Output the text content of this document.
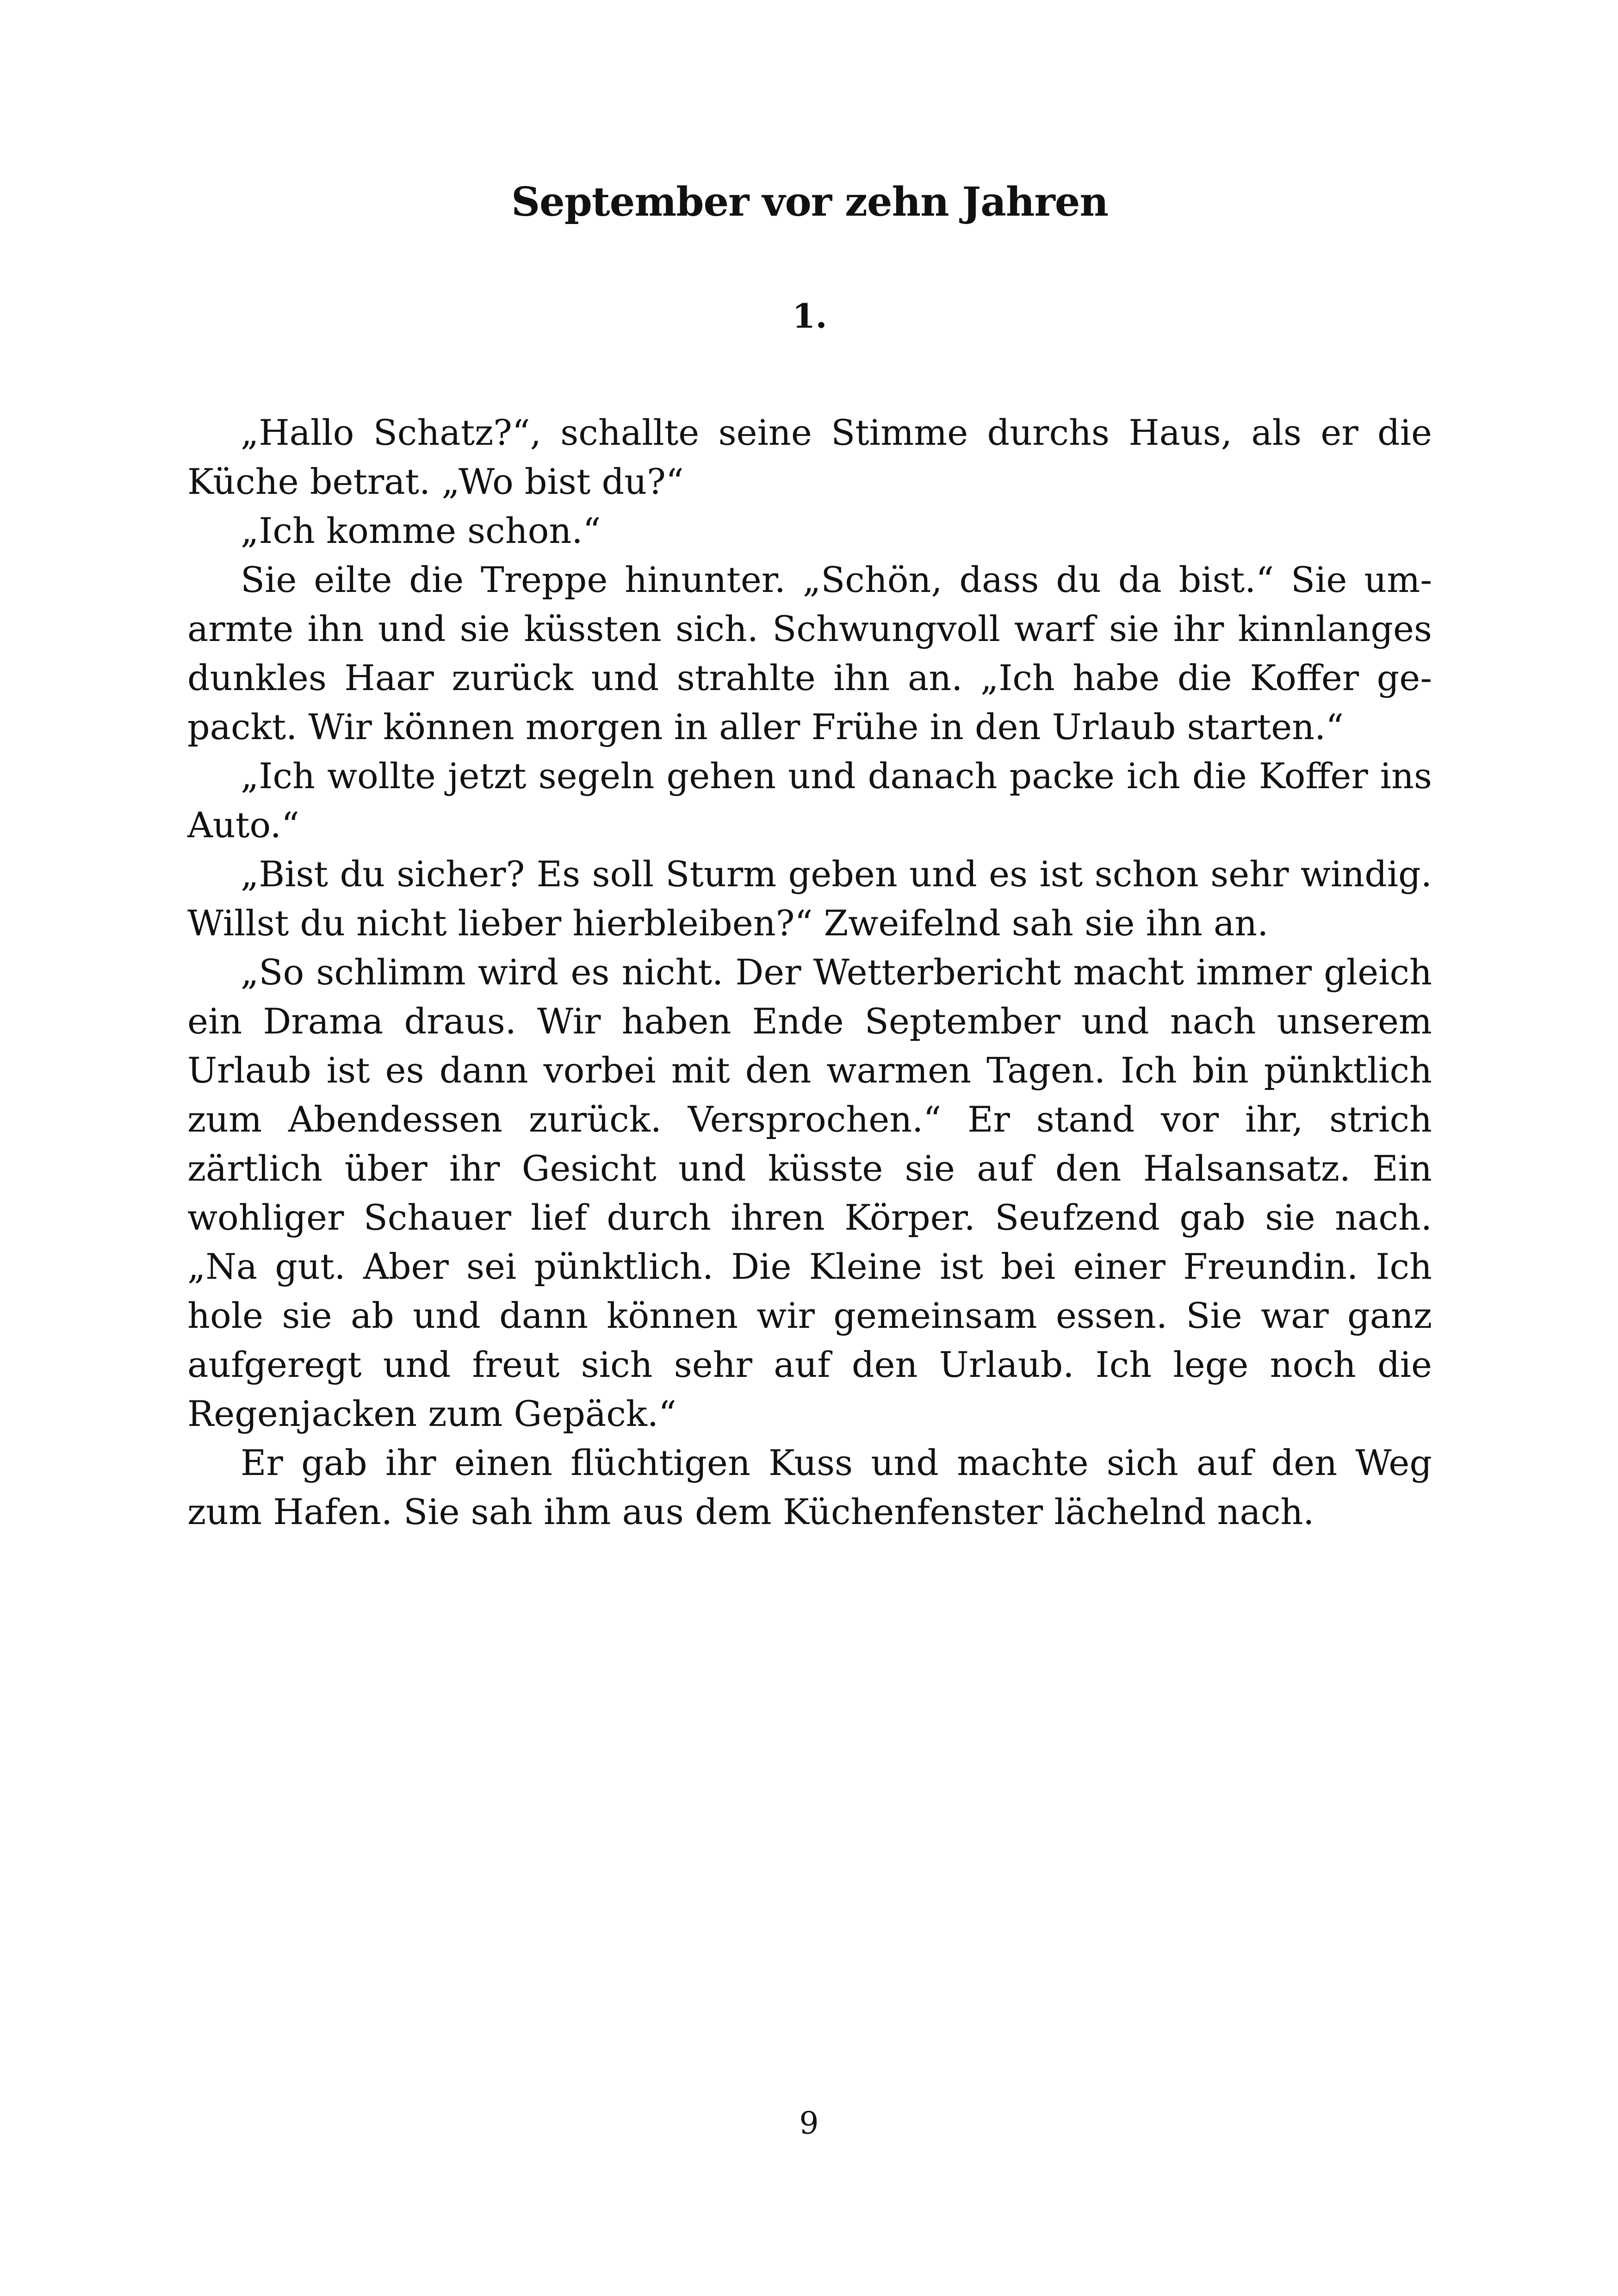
September vor zehn Jahren
1.

„Hallo Schatz?“, schallte seine Stimme durchs Haus, als er die Küche betrat. „Wo bist du?“

„Ich komme schon.“

Sie eilte die Treppe hinunter. „Schön, dass du da bist.“ Sie umarmte ihn und sie küssten sich. Schwungvoll warf sie ihr kinnlanges dunkles Haar zurück und strahlte ihn an. „Ich habe die Koffer gepackt. Wir können morgen in aller Frühe in den Urlaub starten.“

„Ich wollte jetzt segeln gehen und danach packe ich die Koffer ins Auto.“

„Bist du sicher? Es soll Sturm geben und es ist schon sehr windig. Willst du nicht lieber hierbleiben?“ Zweifelnd sah sie ihn an.

„So schlimm wird es nicht. Der Wetterbericht macht immer gleich ein Drama draus. Wir haben Ende September und nach unserem Urlaub ist es dann vorbei mit den warmen Tagen. Ich bin pünktlich zum Abendessen zurück. Versprochen.“ Er stand vor ihr, strich zärtlich über ihr Gesicht und küsste sie auf den Halsansatz. Ein wohliger Schauer lief durch ihren Körper. Seufzend gab sie nach. „Na gut. Aber sei pünktlich. Die Kleine ist bei einer Freundin. Ich hole sie ab und dann können wir gemeinsam essen. Sie war ganz aufgeregt und freut sich sehr auf den Urlaub. Ich lege noch die Regenjacken zum Gepäck.“

Er gab ihr einen flüchtigen Kuss und machte sich auf den Weg zum Hafen. Sie sah ihm aus dem Küchenfenster lächelnd nach.

9
